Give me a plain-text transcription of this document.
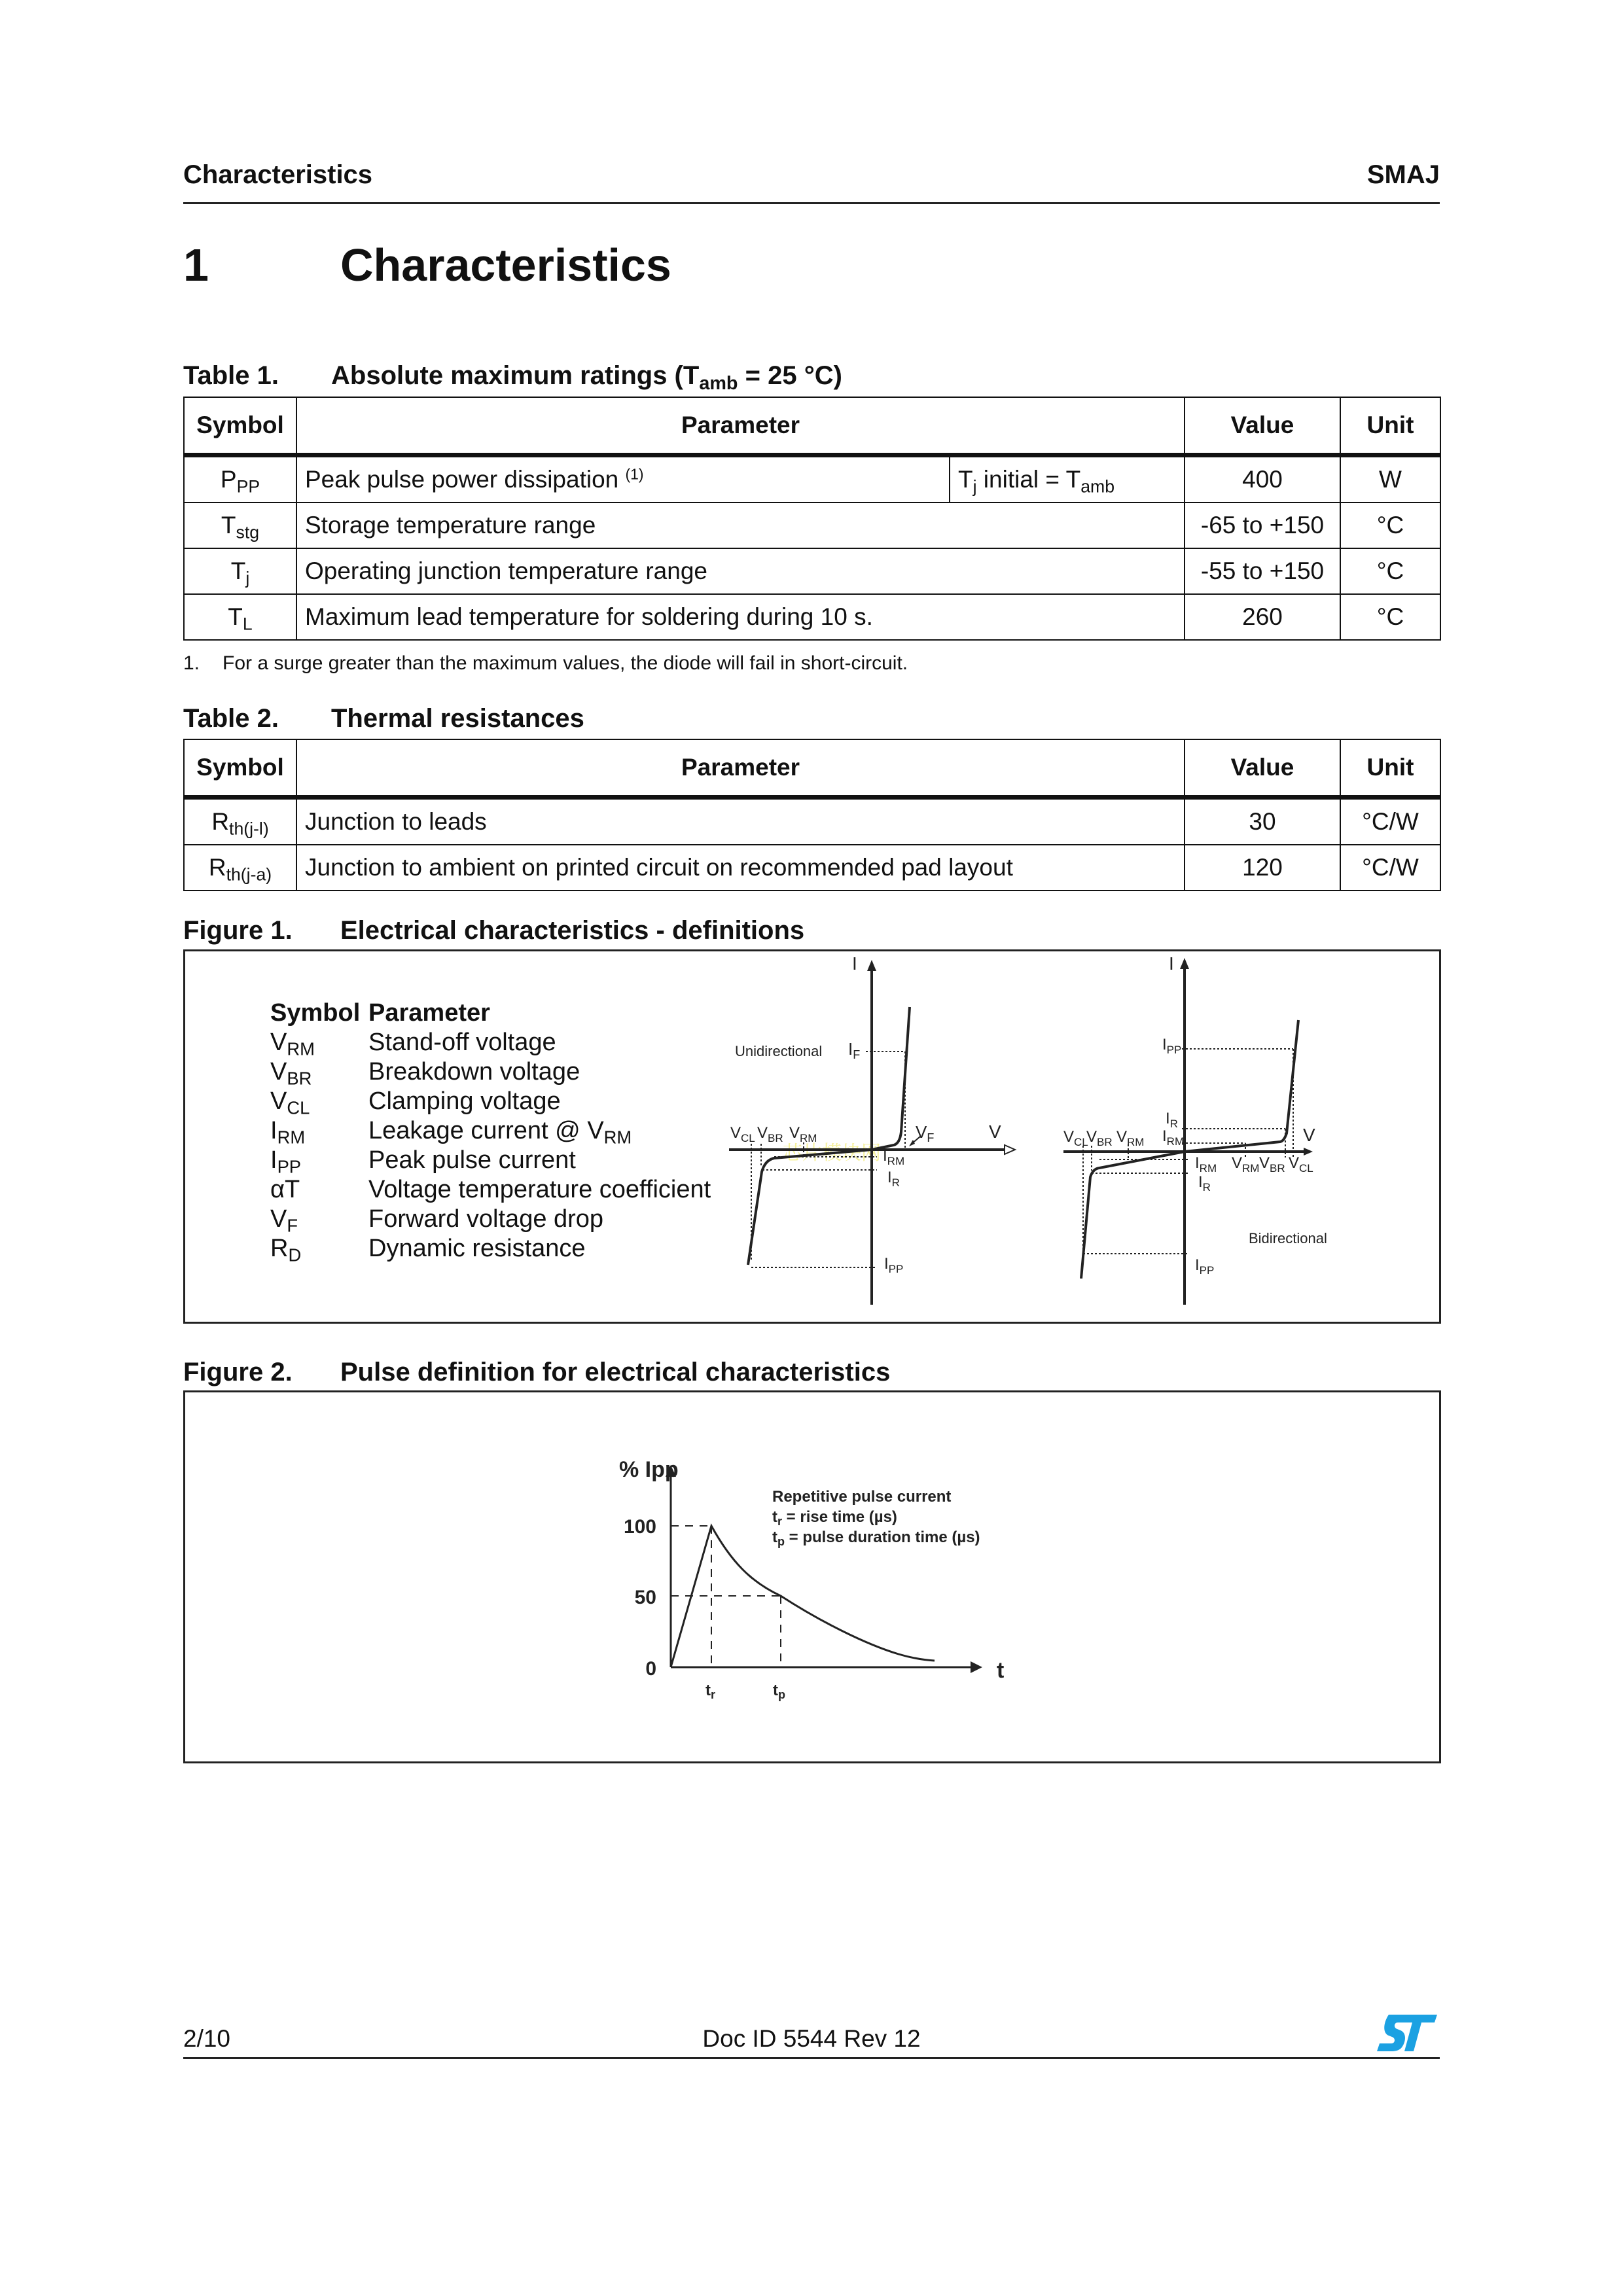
Characteristics	SMAJ
1	Characteristics
Table 1. Absolute maximum ratings ($T_{amb} = 25$ °C)
Symbol	Parameter		Value	Unit
$P_{PP}$	Peak pulse power dissipation $^{(1)}$	$T_j$ initial = $T_{amb}$	400	W
$T_{stg}$	Storage temperature range		-65 to +150	°C
$T_j$	Operating junction temperature range		-55 to +150	°C
$T_L$	Maximum lead temperature for soldering during 10 s.		260	°C
1. For a surge greater than the maximum values, the diode will fail in short-circuit.
Table 2. Thermal resistances
Symbol	Parameter	Value	Unit
$R_{th(j-l)}$	Junction to leads	30	°C/W
$R_{th(j-a)}$	Junction to ambient on printed circuit on recommended pad layout	120	°C/W
Figure 1. Electrical characteristics - definitions
Symbol Parameter
$V_{RM}$ Stand-off voltage
$V_{BR}$ Breakdown voltage
$V_{CL}$ Clamping voltage
$I_{RM}$	Leakage current @ $V_{RM}$
$I_{PP}$	Peak pulse current
αT	Voltage temperature coefficient
$V_F$	Forward voltage drop
$R_D$	Dynamic resistance
芯片模块网
Unidirectional
I
V
$I_F$
$V_F$
$V_{CL}$ $V_{BR}$ $V_{RM}$
$I_{RM}$
$I_R$
$I_{PP}$
I
V
Bidirectional
$I_{PP}$
$I_R$
$I_{RM}$
$V_{CL}$
$V_{BR}$ $V_{RM}$
$I_{RM}$
$I_R$
$I_{PP}$
$V_{RM}$ $V_{BR}$ $V_{CL}$
Figure 2. Pulse definition for electrical characteristics
% Ipp
t
100
50
0
$t_r$	$t_p$
Repetitive pulse current
$t_r$ = rise time (µs)
$t_p$ = pulse duration time (µs)
2/10	Doc ID 5544 Rev 12
